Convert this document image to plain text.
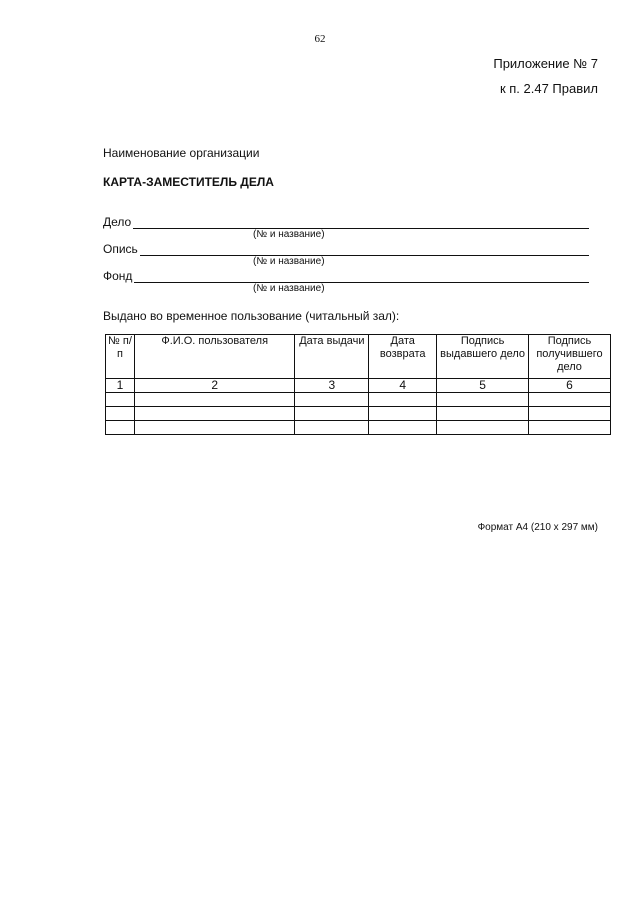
62
Приложение № 7
к п. 2.47 Правил
Наименование организации
КАРТА-ЗАМЕСТИТЕЛЬ ДЕЛА
Дело
(№ и название)
Опись
(№ и название)
Фонд
(№ и название)
Выдано во временное пользование (читальный зал):
№ п/п	Ф.И.О. пользователя	Дата выдачи	Дата возврата	Подпись выдавшего дело	Подпись получившего дело
1	2	3	4	5	6

Формат А4 (210 х 297 мм)
